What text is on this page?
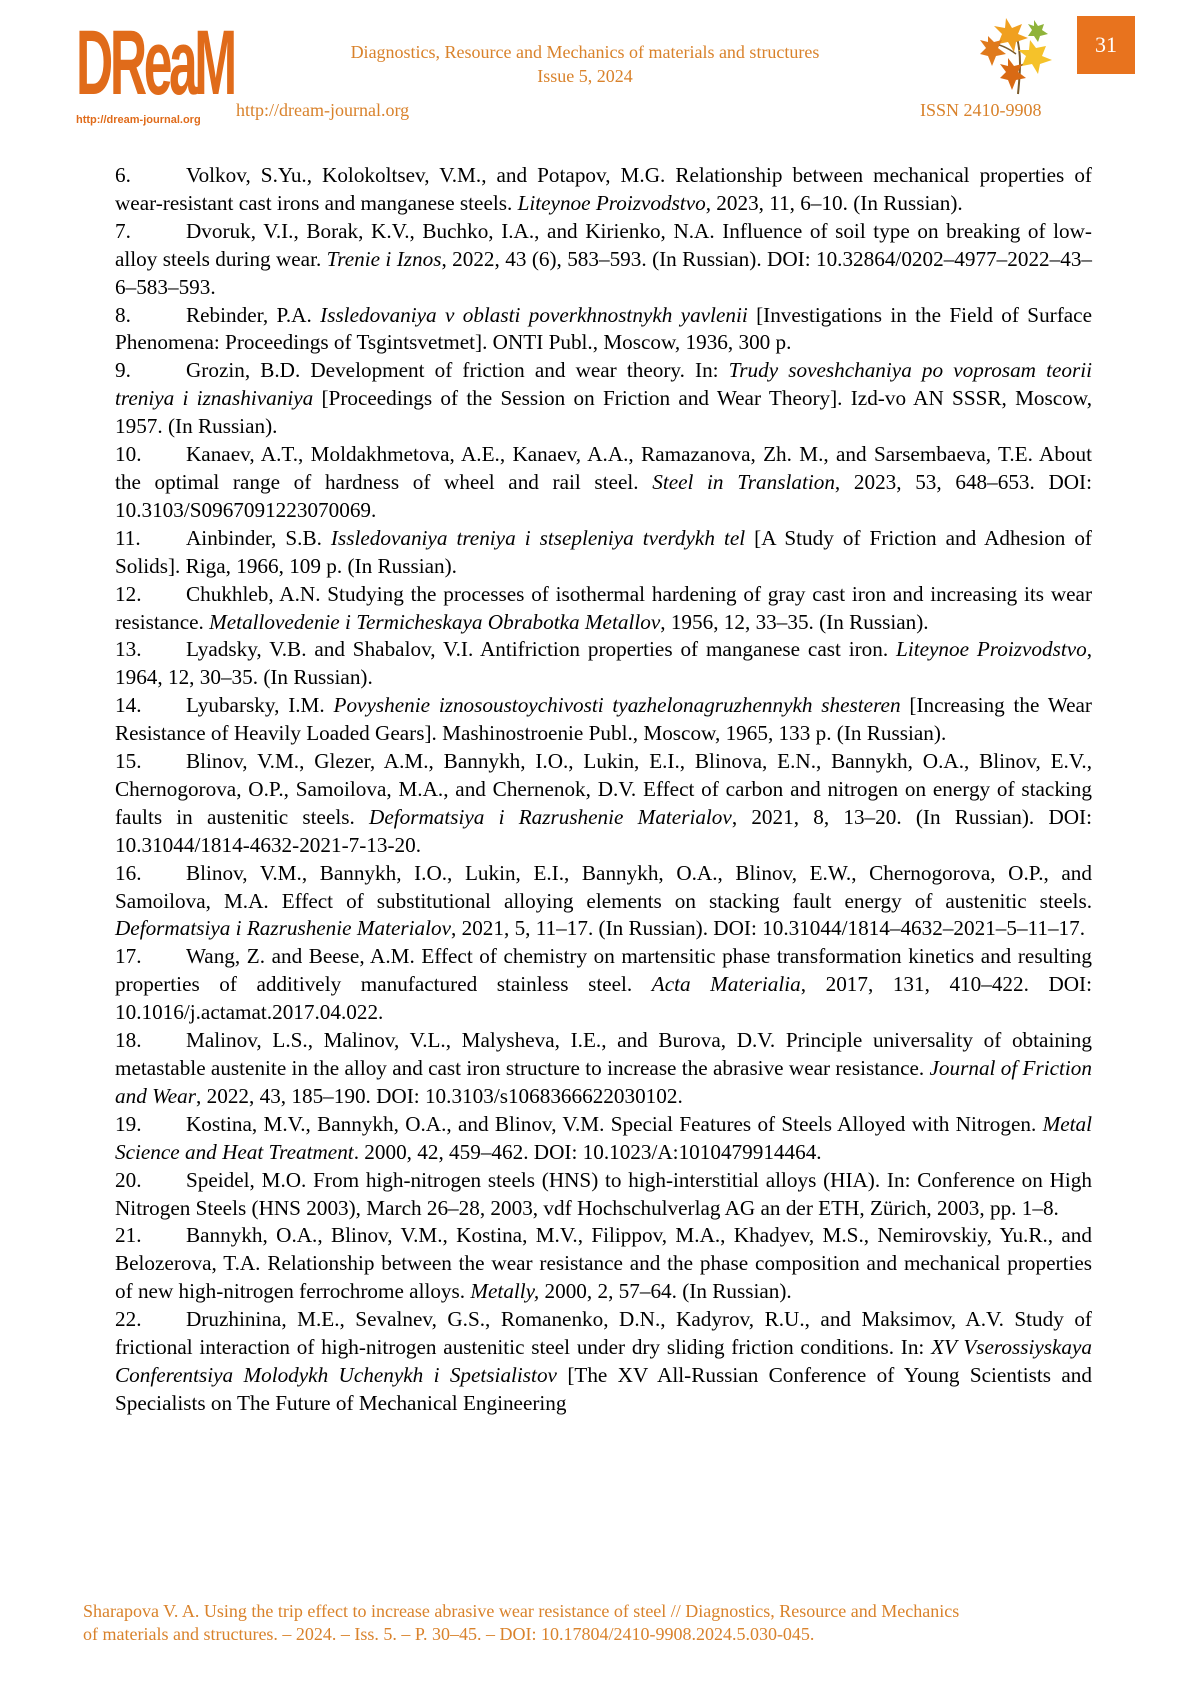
DReaM
http://dream-journal.org
Diagnostics, Resource and Mechanics of materials and structures
Issue 5, 2024
http://dream-journal.org	ISSN 2410-9908
31

6.	Volkov, S.Yu., Kolokoltsev, V.M., and Potapov, M.G. Relationship between mechanical properties of wear-resistant cast irons and manganese steels. Liteynoe Proizvodstvo, 2023, 11, 6–10. (In Russian).

7.	Dvoruk, V.I., Borak, K.V., Buchko, I.A., and Kirienko, N.A. Influence of soil type on breaking of low-alloy steels during wear. Trenie i Iznos, 2022, 43 (6), 583–593. (In Russian). DOI: 10.32864/0202–4977–2022–43–6–583–593.

8.	Rebinder, P.A. Issledovaniya v oblasti poverkhnostnykh yavlenii [Investigations in the Field of Surface Phenomena: Proceedings of Tsgintsvetmet]. ONTI Publ., Moscow, 1936, 300 p.

9.	Grozin, B.D. Development of friction and wear theory. In: Trudy soveshchaniya po voprosam teorii treniya i iznashivaniya [Proceedings of the Session on Friction and Wear Theory]. Izd-vo AN SSSR, Moscow, 1957. (In Russian).

10. Kanaev, A.T., Moldakhmetova, A.E., Kanaev, A.A., Ramazanova, Zh. M., and Sarsembaeva, T.E. About the optimal range of hardness of wheel and rail steel. Steel in Translation, 2023, 53, 648–653. DOI: 10.3103/S0967091223070069.

11. Ainbinder, S.B. Issledovaniya treniya i stsepleniya tverdykh tel [A Study of Friction and Adhesion of Solids]. Riga, 1966, 109 p. (In Russian).

12. Chukhleb, A.N. Studying the processes of isothermal hardening of gray cast iron and increasing its wear resistance. Metallovedenie i Termicheskaya Obrabotka Metallov, 1956, 12, 33–35. (In Russian).

13. Lyadsky, V.B. and Shabalov, V.I. Antifriction properties of manganese cast iron. Liteynoe Proizvodstvo, 1964, 12, 30–35. (In Russian).

14. Lyubarsky, I.M. Povyshenie iznosoustoychivosti tyazhelonagruzhennykh shesteren [Increasing the Wear Resistance of Heavily Loaded Gears]. Mashinostroenie Publ., Moscow, 1965, 133 p. (In Russian).

15. Blinov, V.M., Glezer, A.M., Bannykh, I.O., Lukin, E.I., Blinova, E.N., Bannykh, O.A., Blinov, E.V., Chernogorova, O.P., Samoilova, M.A., and Chernenok, D.V. Effect of carbon and nitrogen on energy of stacking faults in austenitic steels. Deformatsiya i Razrushenie Materialov, 2021, 8, 13–20. (In Russian). DOI: 10.31044/1814-4632-2021-7-13-20.

16. Blinov, V.M., Bannykh, I.O., Lukin, E.I., Bannykh, O.A., Blinov, E.W., Chernogorova, O.P., and Samoilova, M.A. Effect of substitutional alloying elements on stacking fault energy of austenitic steels. Deformatsiya i Razrushenie Materialov, 2021, 5, 11–17. (In Russian). DOI: 10.31044/1814–4632–2021–5–11–17.

17. Wang, Z. and Beese, A.M. Effect of chemistry on martensitic phase transformation kinetics and resulting properties of additively manufactured stainless steel. Acta Materialia, 2017, 131, 410–422. DOI: 10.1016/j.actamat.2017.04.022.

18. Malinov, L.S., Malinov, V.L., Malysheva, I.E., and Burova, D.V. Principle universality of obtaining metastable austenite in the alloy and cast iron structure to increase the abrasive wear resistance. Journal of Friction and Wear, 2022, 43, 185–190. DOI: 10.3103/s1068366622030102.

19. Kostina, M.V., Bannykh, O.A., and Blinov, V.M. Special Features of Steels Alloyed with Nitrogen. Metal Science and Heat Treatment. 2000, 42, 459–462. DOI: 10.1023/A:1010479914464.

20. Speidel, M.O. From high-nitrogen steels (HNS) to high-interstitial alloys (HIA). In: Conference on High Nitrogen Steels (HNS 2003), March 26–28, 2003, vdf Hochschulverlag AG an der ETH, Zürich, 2003, pp. 1–8.

21. Bannykh, O.A., Blinov, V.M., Kostina, M.V., Filippov, M.A., Khadyev, M.S., Nemirovskiy, Yu.R., and Belozerova, T.A. Relationship between the wear resistance and the phase composition and mechanical properties of new high-nitrogen ferrochrome alloys. Metally, 2000, 2, 57–64. (In Russian).

22. Druzhinina, M.E., Sevalnev, G.S., Romanenko, D.N., Kadyrov, R.U., and Maksimov, A.V. Study of frictional interaction of high-nitrogen austenitic steel under dry sliding friction conditions. In: XV Vserossiyskaya Conferentsiya Molodykh Uchenykh i Spetsialistov [The XV All-Russian Conference of Young Scientists and Specialists on The Future of Mechanical Engineering

Sharapova V. A. Using the trip effect to increase abrasive wear resistance of steel // Diagnostics, Resource and Mechanics
of materials and structures. – 2024. – Iss. 5. – P. 30–45. – DOI: 10.17804/2410-9908.2024.5.030-045.
